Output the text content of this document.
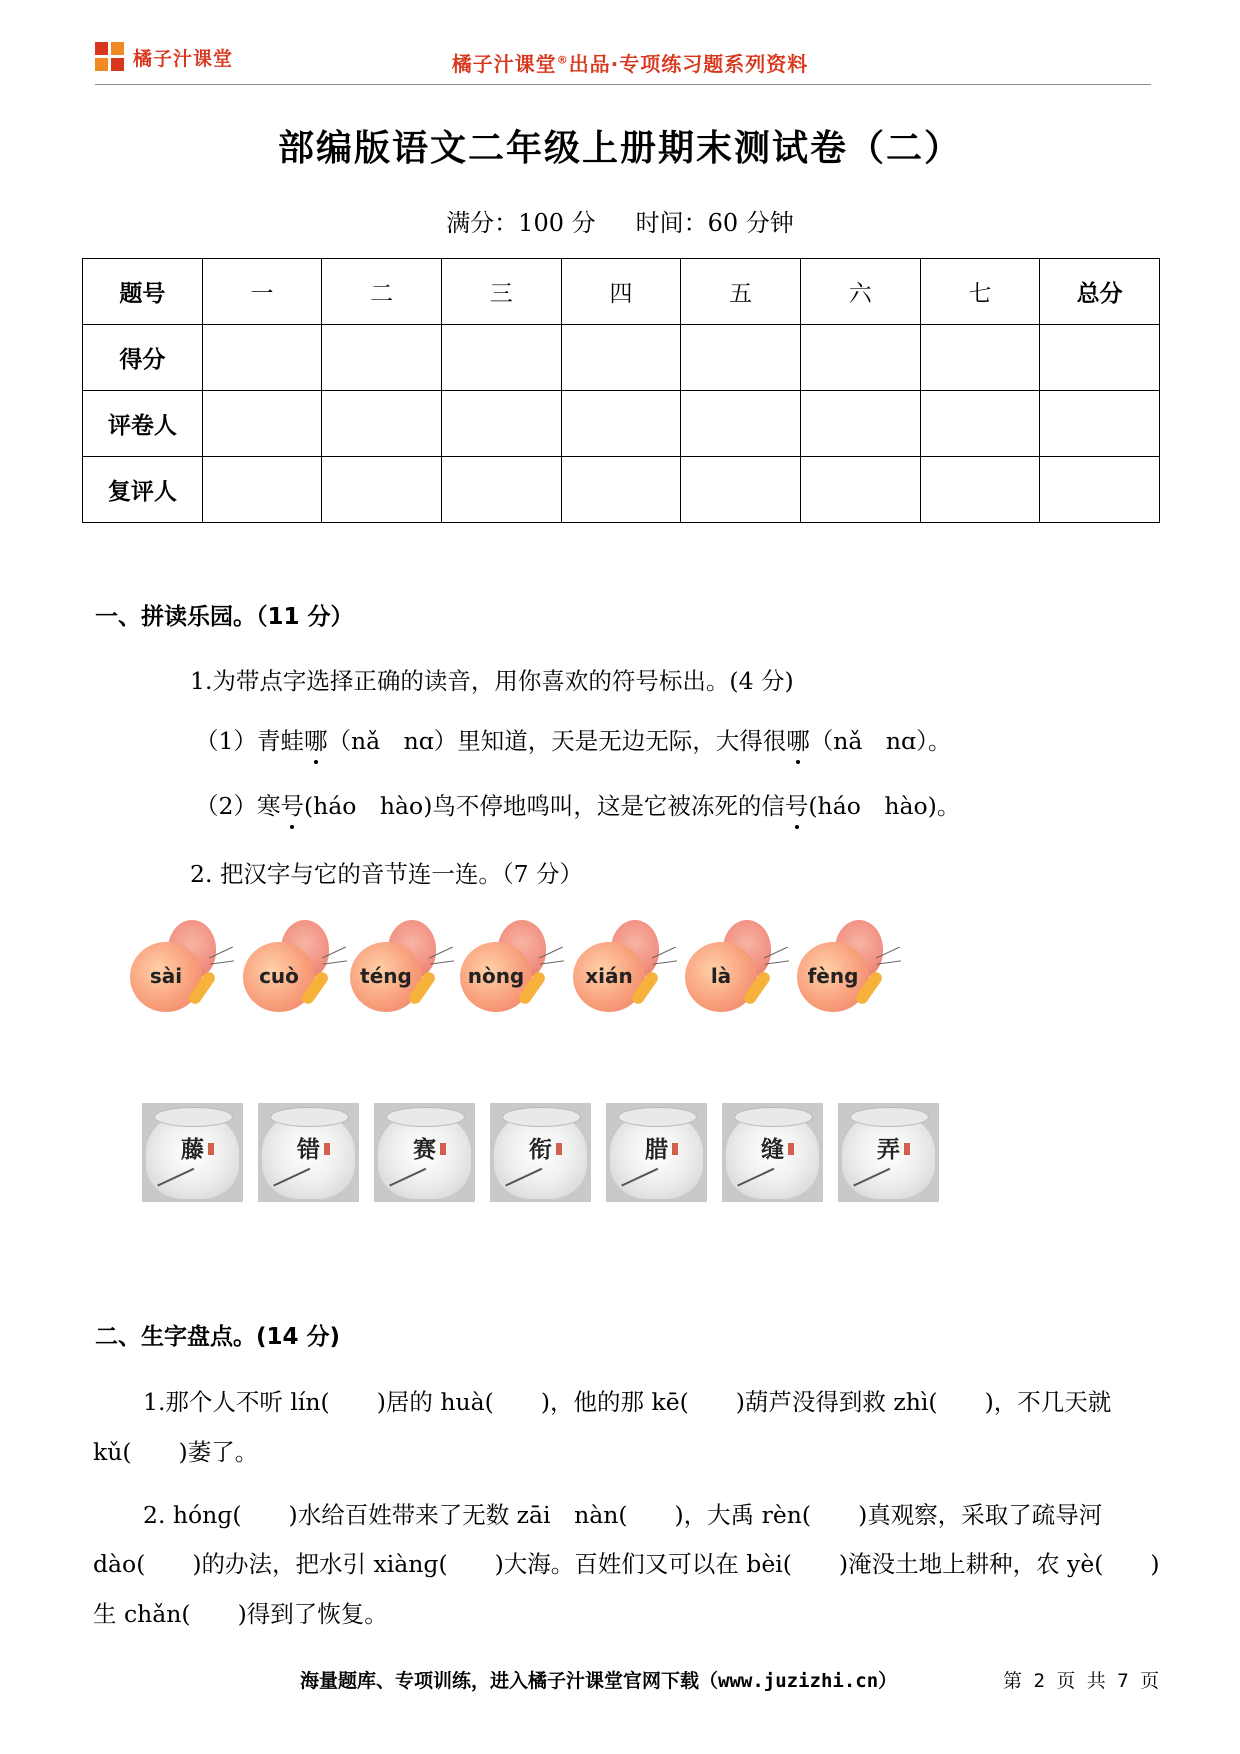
橘子汁课堂	橘子汁课堂®出品·专项练习题系列资料
部编版语文二年级上册期末测试卷（二）
满分：100 分 时间：60 分钟
题号	一	二	三	四	五	六	七	总分
得分								
评卷人								
复评人								
一、拼读乐园。（11 分）
1.为带点字选择正确的读音，用你喜欢的符号标出。(4 分)
（1）青蛙哪（nǎ　nɑ）里知道，天是无边无际，大得很哪（nǎ　nɑ）。
（2）寒号(háo　hào)鸟不停地鸣叫，这是它被冻死的信号(háo　hào)。
2. 把汉字与它的音节连一连。（7 分）
sài	cuò	téng	nòng	xián	là	fèng
藤	错	赛	衔	腊	缝	弄
二、生字盘点。(14 分)
1.那个人不听 lín(　　)居的 huà(　　)，他的那 kē(　　)葫芦没得到救 zhì(　　)，不几天就
kǔ(　　)萎了。
2. hónɡ(　　)水给百姓带来了无数 zāi　nàn(　　)，大禹 rèn(　　)真观察，采取了疏导河
dào(　　)的办法，把水引 xiànɡ(　　)大海。百姓们又可以在 bèi(　　)淹没土地上耕种，农 yè(　　)
生 chǎn(　　)得到了恢复。
海量题库、专项训练，进入橘子汁课堂官网下载（www.juzizhi.cn）	第 2 页 共 7 页
